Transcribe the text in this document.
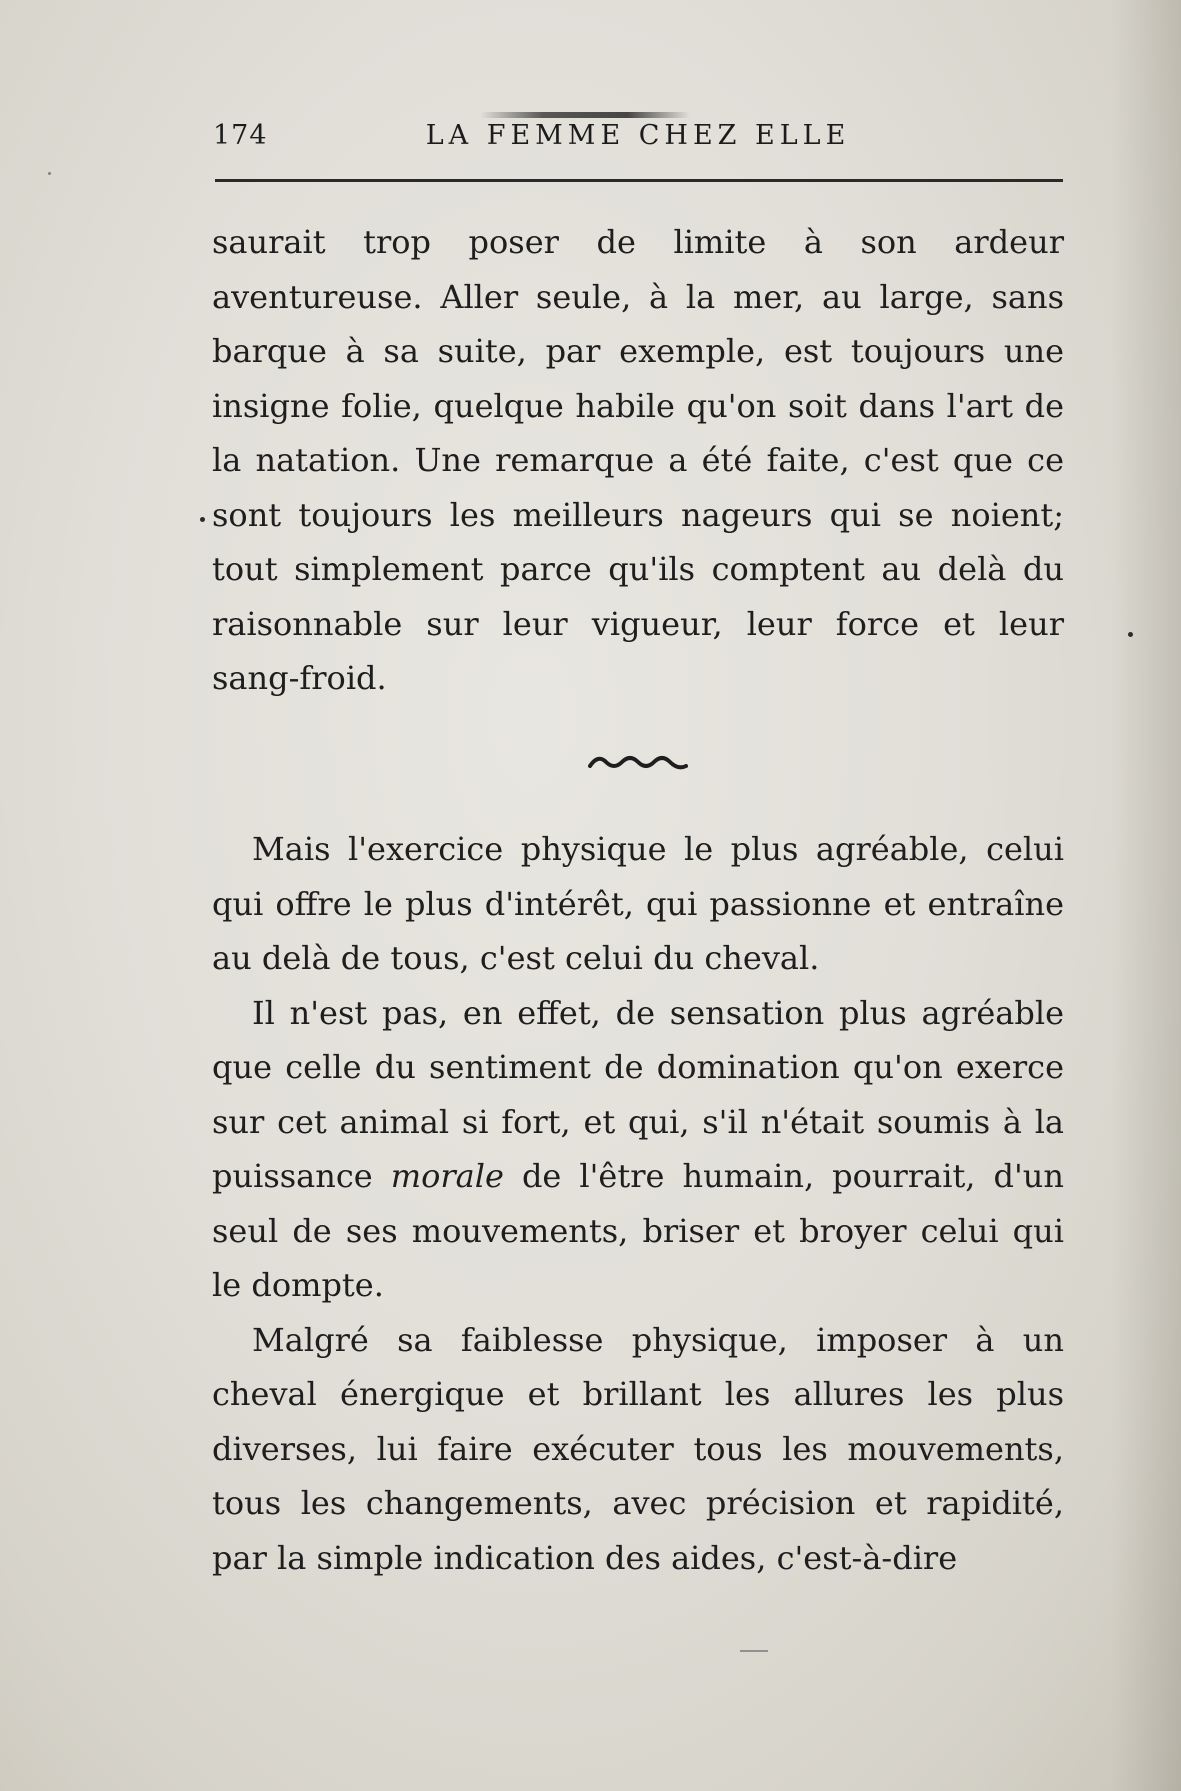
174	LA FEMME CHEZ ELLE

saurait trop poser de limite à son ardeur aventureuse. Aller seule, à la mer, au large, sans barque à sa suite, par exemple, est toujours une insigne folie, quelque habile qu'on soit dans l'art de la natation. Une remarque a été faite, c'est que ce sont toujours les meilleurs nageurs qui se noient; tout simplement parce qu'ils comptent au delà du raisonnable sur leur vigueur, leur force et leur sang-froid.

Mais l'exercice physique le plus agréable, celui qui offre le plus d'intérêt, qui passionne et entraîne au delà de tous, c'est celui du cheval.

Il n'est pas, en effet, de sensation plus agréable que celle du sentiment de domination qu'on exerce sur cet animal si fort, et qui, s'il n'était soumis à la puissance morale de l'être humain, pourrait, d'un seul de ses mouvements, briser et broyer celui qui le dompte.

Malgré sa faiblesse physique, imposer à un cheval énergique et brillant les allures les plus diverses, lui faire exécuter tous les mouvements, tous les changements, avec précision et rapidité, par la simple indication des aides, c'est-à-dire
